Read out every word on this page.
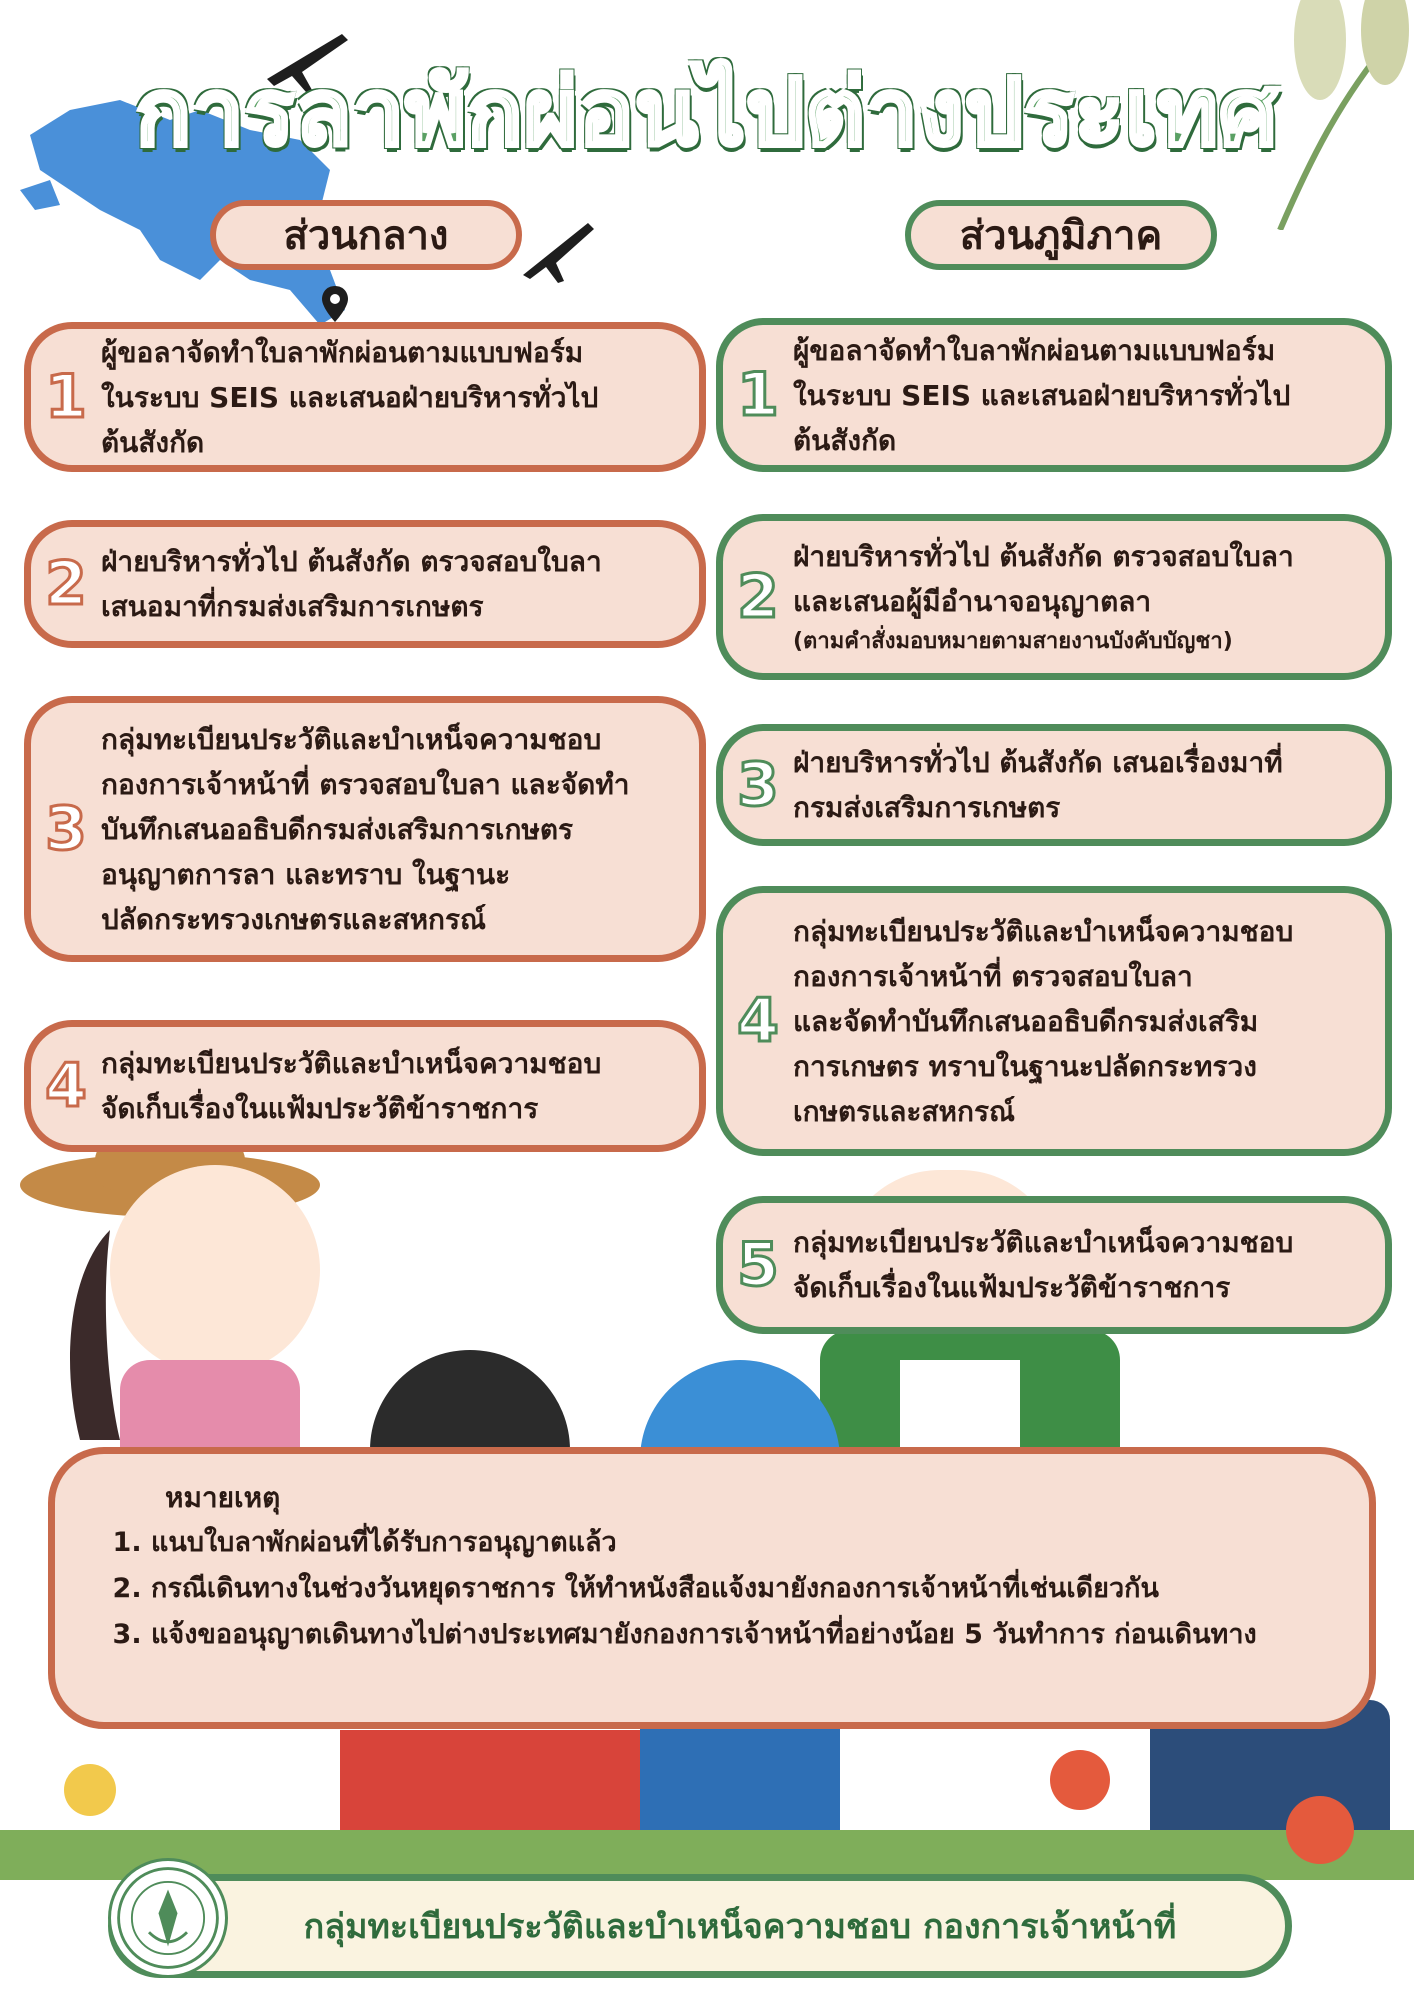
การลาพักผ่อนไปต่างประเทศ
ส่วนกลาง	ส่วนภูมิภาค
1
ผู้ขอลาจัดทำใบลาพักผ่อนตามแบบฟอร์ม
ในระบบ SEIS และเสนอฝ่ายบริหารทั่วไป
ต้นสังกัด
2 ฝ่ายบริหารทั่วไป ต้นสังกัด ตรวจสอบใบลา
เสนอมาที่กรมส่งเสริมการเกษตร
3
กลุ่มทะเบียนประวัติและบำเหน็จความชอบ
กองการเจ้าหน้าที่ ตรวจสอบใบลา และจัดทำ
บันทึกเสนออธิบดีกรมส่งเสริมการเกษตร
อนุญาตการลา และทราบ ในฐานะ
ปลัดกระทรวงเกษตรและสหกรณ์
4 กลุ่มทะเบียนประวัติและบำเหน็จความชอบ
จัดเก็บเรื่องในแฟ้มประวัติข้าราชการ
1
ผู้ขอลาจัดทำใบลาพักผ่อนตามแบบฟอร์ม
ในระบบ SEIS และเสนอฝ่ายบริหารทั่วไป
ต้นสังกัด
2
ฝ่ายบริหารทั่วไป ต้นสังกัด ตรวจสอบใบลา
และเสนอผู้มีอำนาจอนุญาตลา
(ตามคำสั่งมอบหมายตามสายงานบังคับบัญชา)
3 ฝ่ายบริหารทั่วไป ต้นสังกัด เสนอเรื่องมาที่
กรมส่งเสริมการเกษตร
4
กลุ่มทะเบียนประวัติและบำเหน็จความชอบ
กองการเจ้าหน้าที่ ตรวจสอบใบลา
และจัดทำบันทึกเสนออธิบดีกรมส่งเสริม
การเกษตร ทราบในฐานะปลัดกระทรวง
เกษตรและสหกรณ์
5 กลุ่มทะเบียนประวัติและบำเหน็จความชอบ
จัดเก็บเรื่องในแฟ้มประวัติข้าราชการ
หมายเหตุ
1. แนบใบลาพักผ่อนที่ได้รับการอนุญาตแล้ว
2. กรณีเดินทางในช่วงวันหยุดราชการ ให้ทำหนังสือแจ้งมายังกองการเจ้าหน้าที่เช่นเดียวกัน
3. แจ้งขออนุญาตเดินทางไปต่างประเทศมายังกองการเจ้าหน้าที่อย่างน้อย 5 วันทำการ ก่อนเดินทาง
กลุ่มทะเบียนประวัติและบำเหน็จความชอบ กองการเจ้าหน้าที่
